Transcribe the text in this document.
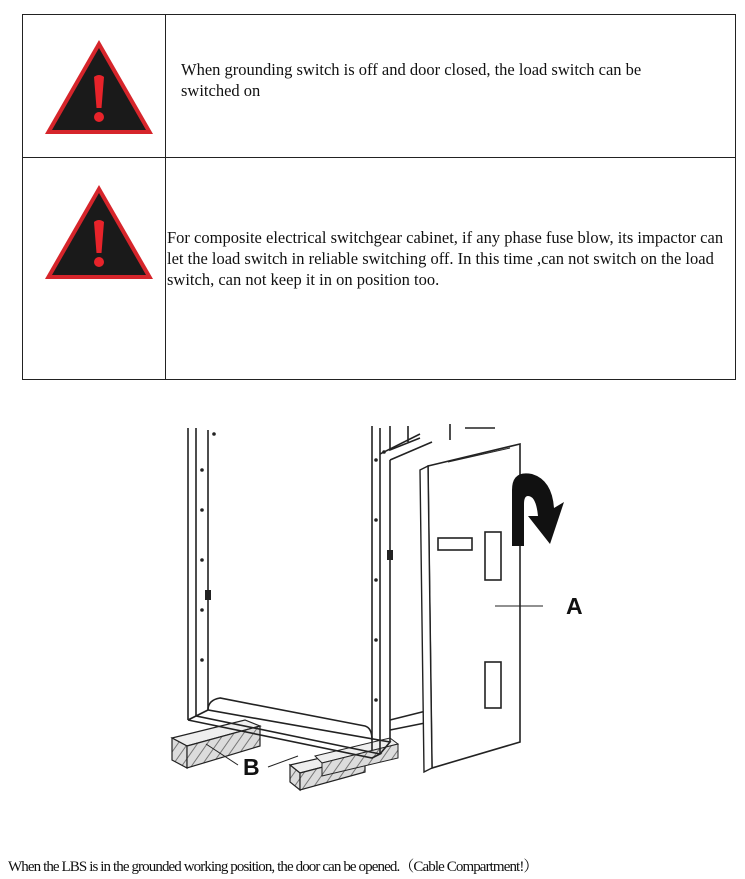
When grounding switch is off and door closed, the load switch can be switched on

For composite electrical switchgear cabinet, if any phase fuse blow, its impactor can let the load switch in reliable switching off. In this time ,can not switch on the load switch, can not keep it in on position too.

A
B
When the LBS is in the grounded working position, the door can be opened.（Cable Compartment!）
